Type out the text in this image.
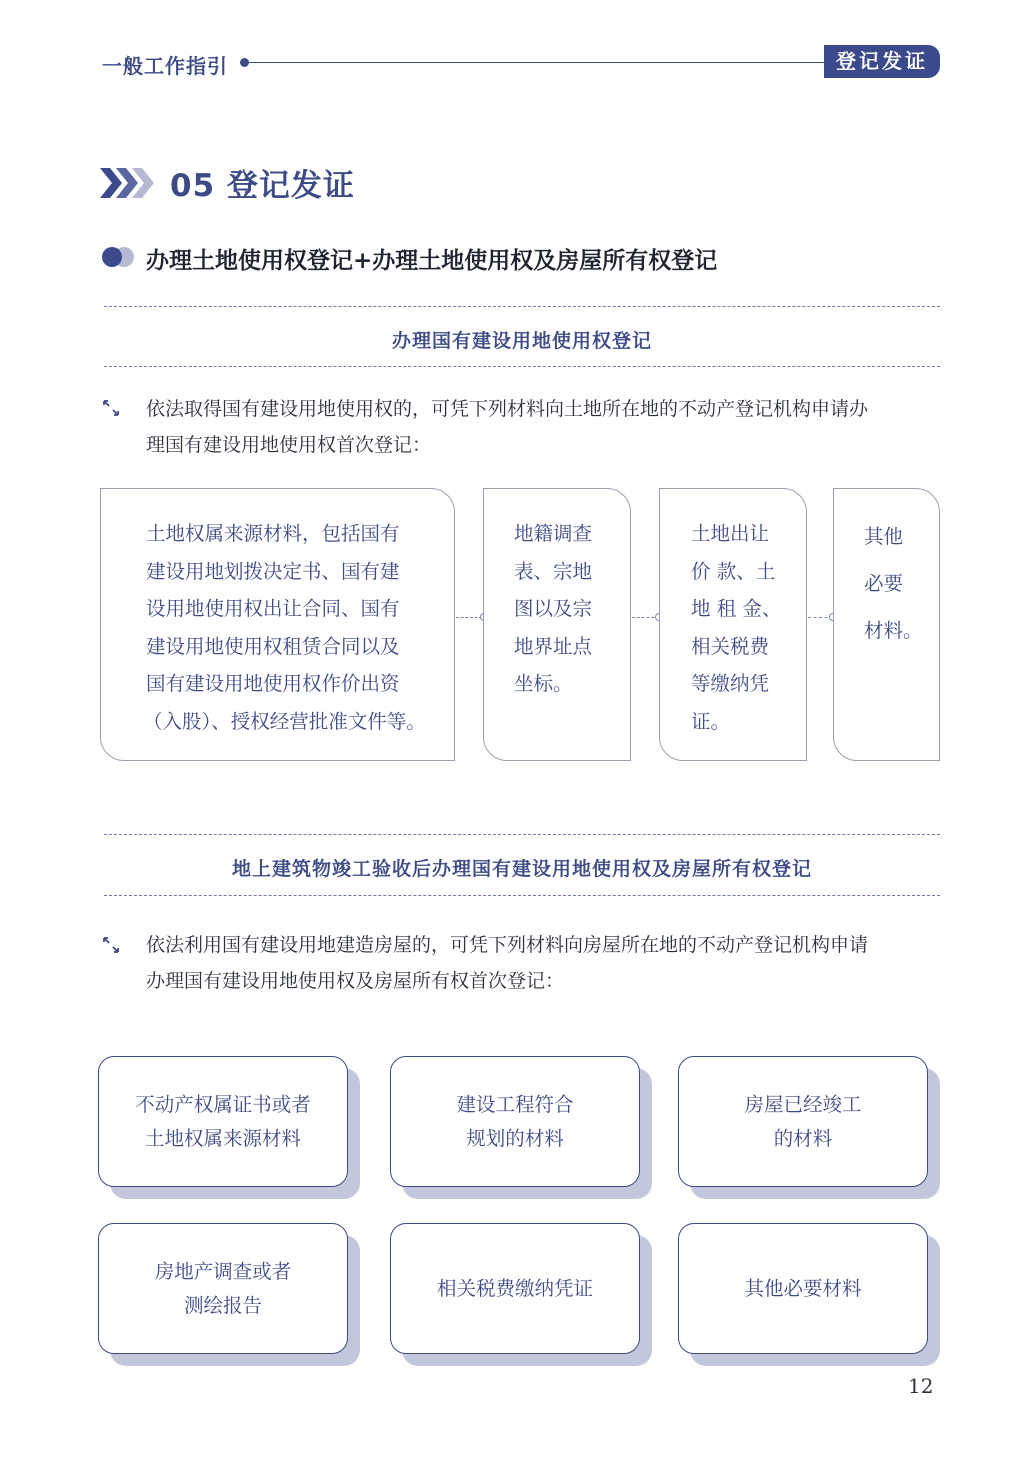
一般工作指引	登记发证
05 登记发证
办理土地使用权登记+办理土地使用权及房屋所有权登记
办理国有建设用地使用权登记
依法取得国有建设用地使用权的，可凭下列材料向土地所在地的不动产登记机构申请办
理国有建设用地使用权首次登记：
土地权属来源材料，包括国有
建设用地划拨决定书、国有建
设用地使用权出让合同、国有
建设用地使用权租赁合同以及
国有建设用地使用权作价出资
（入股）、授权经营批准文件等。
地籍调查
表、宗地
图以及宗
地界址点
坐标。
土地出让
价 款、土
地 租 金、
相关税费
等缴纳凭
证。
其他
必要
材料。
地上建筑物竣工验收后办理国有建设用地使用权及房屋所有权登记
依法利用国有建设用地建造房屋的，可凭下列材料向房屋所在地的不动产登记机构申请
办理国有建设用地使用权及房屋所有权首次登记：
不动产权属证书或者
土地权属来源材料
建设工程符合
规划的材料
房屋已经竣工
的材料
房地产调查或者
测绘报告
相关税费缴纳凭证	其他必要材料
12
